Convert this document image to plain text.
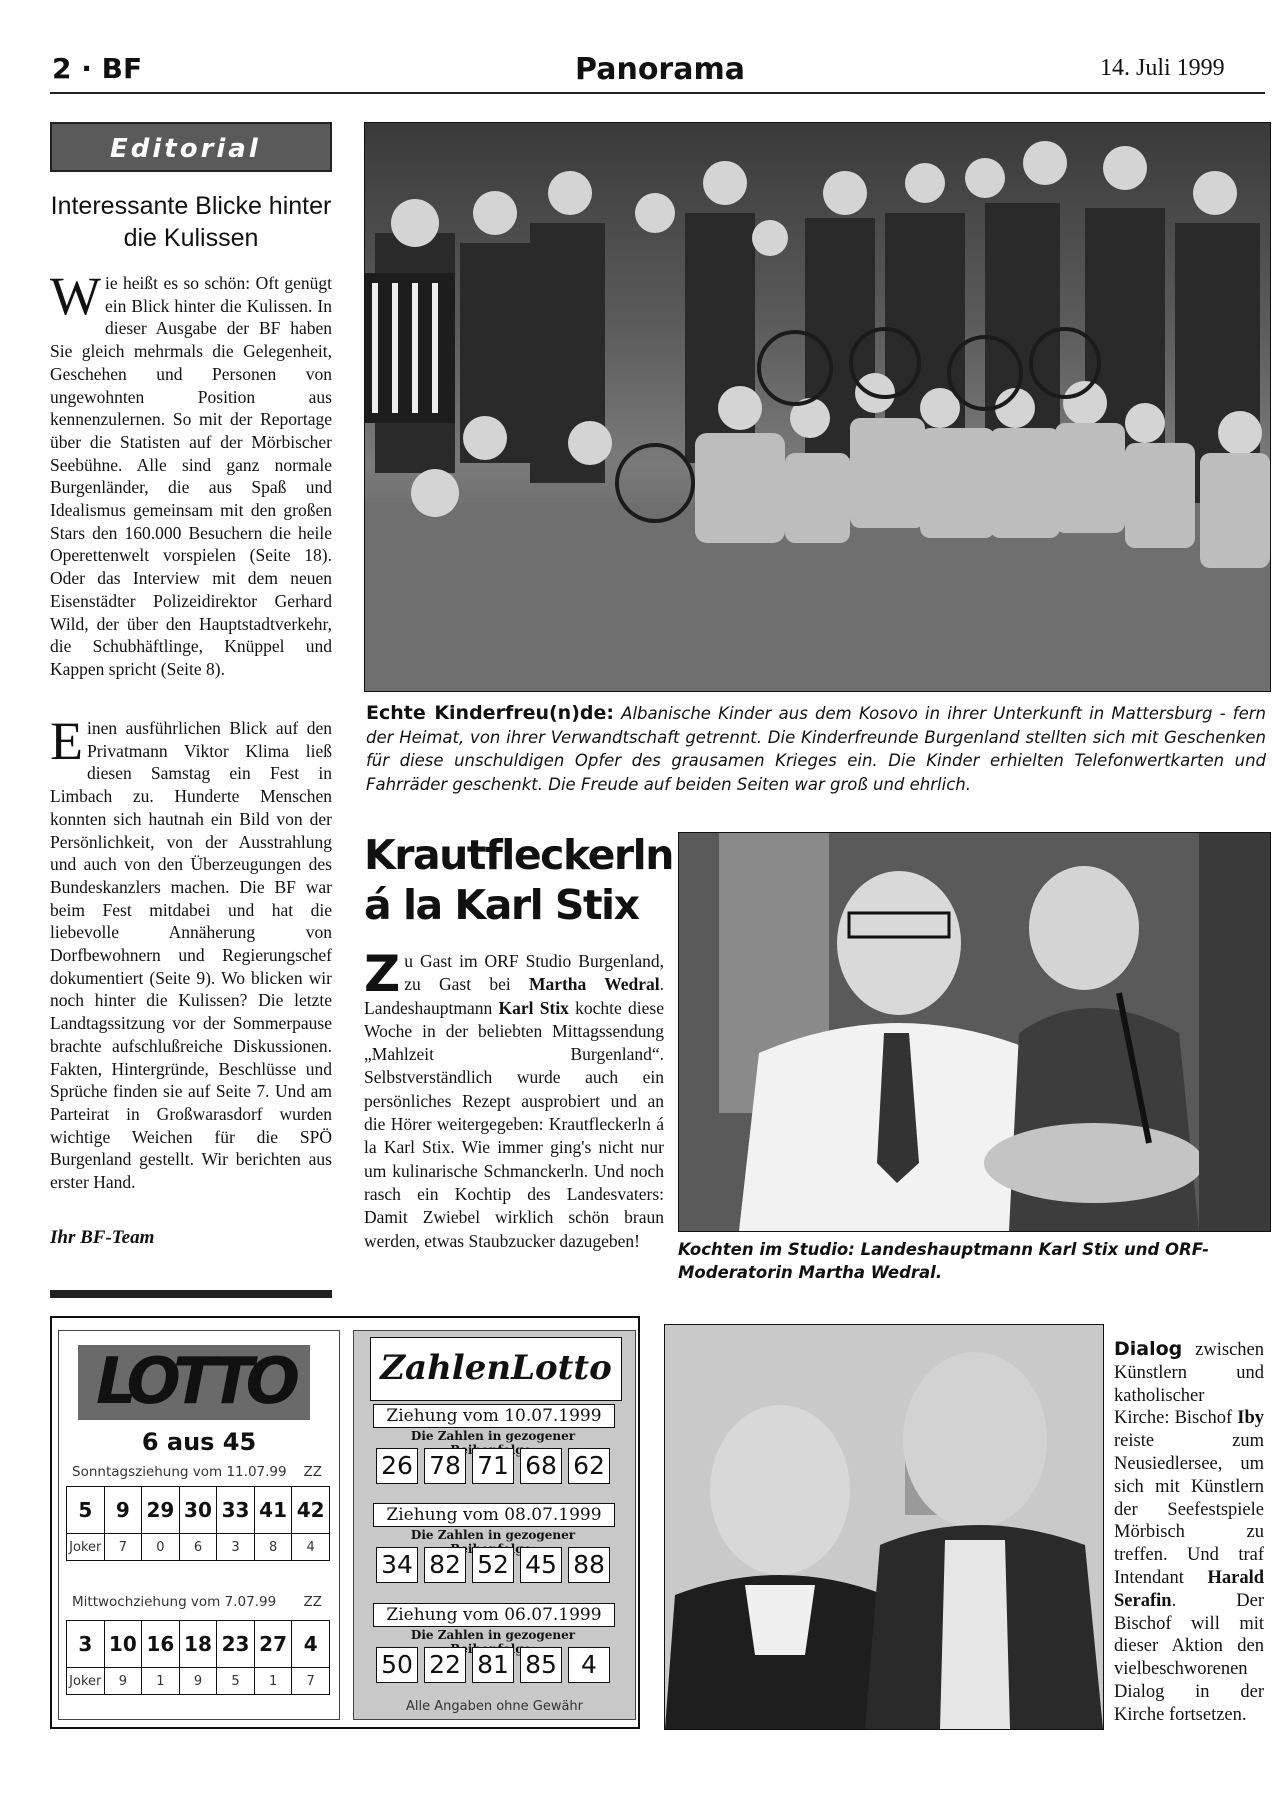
2 · BF	Panorama	14. Juli 1999
Editorial
Interessante Blicke hinter die Kulissen
Wie heißt es so schön: Oft genügt ein Blick hinter die Kulissen. In dieser Ausgabe der BF haben Sie gleich mehrmals die Gelegenheit, Geschehen und Personen von ungewohnten Position aus kennenzulernen. So mit der Reportage über die Statisten auf der Mörbischer Seebühne. Alle sind ganz normale Burgenländer, die aus Spaß und Idealismus gemeinsam mit den großen Stars den 160.000 Besuchern die heile Operettenwelt vorspielen (Seite 18). Oder das Interview mit dem neuen Eisenstädter Polizeidirektor Gerhard Wild, der über den Hauptstadtverkehr, die Schubhäftlinge, Knüppel und Kappen spricht (Seite 8).
Einen ausführlichen Blick auf den Privatmann Viktor Klima ließ diesen Samstag ein Fest in Limbach zu. Hunderte Menschen konnten sich hautnah ein Bild von der Persönlichkeit, von der Ausstrahlung und auch von den Überzeugungen des Bundeskanzlers machen. Die BF war beim Fest mitdabei und hat die liebevolle Annäherung von Dorfbewohnern und Regierungschef dokumentiert (Seite 9). Wo blicken wir noch hinter die Kulissen? Die letzte Landtagssitzung vor der Sommerpause brachte aufschlußreiche Diskussionen. Fakten, Hintergründe, Beschlüsse und Sprüche finden sie auf Seite 7. Und am Parteirat in Großwarasdorf wurden wichtige Weichen für die SPÖ Burgenland gestellt. Wir berichten aus erster Hand.
Ihr BF-Team
Echte Kinderfreu(n)de: Albanische Kinder aus dem Kosovo in ihrer Unterkunft in Mattersburg - fern der Heimat, von ihrer Verwandtschaft getrennt. Die Kinderfreunde Burgenland stellten sich mit Geschenken für diese unschuldigen Opfer des grausamen Krieges ein. Die Kinder erhielten Telefonwertkarten und Fahrräder geschenkt. Die Freude auf beiden Seiten war groß und ehrlich.
Krautfleckerln
á la Karl Stix
Zu Gast im ORF Studio Burgenland, zu Gast bei Martha Wedral. Landeshauptmann Karl Stix kochte diese Woche in der beliebten Mittagssendung „Mahlzeit Burgenland“. Selbstverständlich wurde auch ein persönliches Rezept ausprobiert und an die Hörer weitergegeben: Krautfleckerln á la Karl Stix. Wie immer ging's nicht nur um kulinarische Schmanckerln. Und noch rasch ein Kochtip des Landesvaters: Damit Zwiebel wirklich schön braun werden, etwas Staubzucker dazugeben!	Kochten im Studio: Landeshauptmann Karl Stix und ORF-Moderatorin Martha Wedral.
LOTTO
6 aus 45
Sonntagsziehung vom 11.07.99 ZZ
5	9	29	30	33	41	42
Joker	7	0	6	3	8	4
Mittwochziehung vom 7.07.99 ZZ
3	10	16	18	23	27	4
Joker	9	1	9	5	1	7
ZahlenLotto
Ziehung vom 10.07.1999
Die Zahlen in gezogener
26 78 71 68 62
Ziehung vom 08.07.1999
Die Zahlen in gezogener
34 82 52 45 88
Ziehung vom 06.07.1999
Die Zahlen in gezogener
50 22 81 85 4
Alle Angaben ohne Gewähr
Dialog zwischen Künstlern und katholischer Kirche: Bischof Iby reiste zum Neusiedlersee, um sich mit Künstlern der Seefestspiele Mörbisch zu treffen. Und traf Intendant Harald Serafin. Der Bischof will mit dieser Aktion den vielbeschworenen Dialog in der Kirche fortsetzen.
